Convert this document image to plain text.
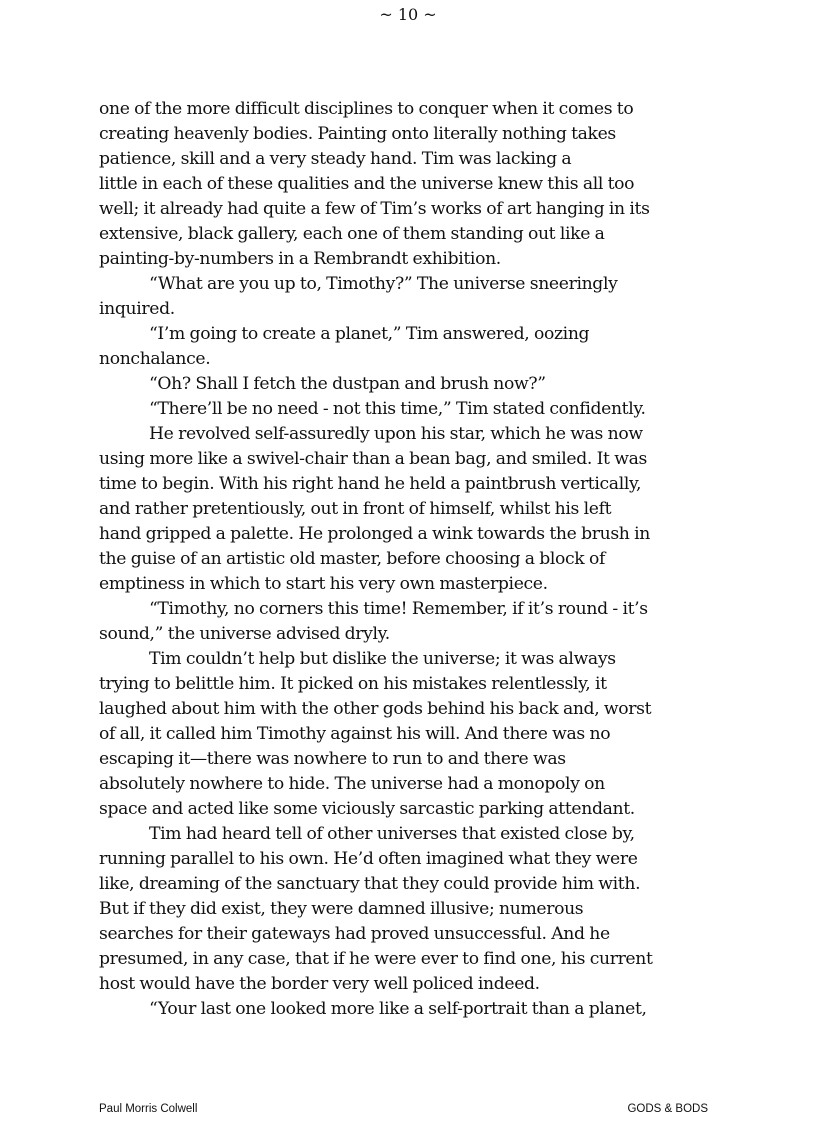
~ 10 ~
one of the more difficult disciplines to conquer when it comes to
creating heavenly bodies. Painting onto literally nothing takes
patience, skill and a very steady hand. Tim was lacking a
little in each of these qualities and the universe knew this all too
well; it already had quite a few of Tim’s works of art hanging in its
extensive, black gallery, each one of them standing out like a
painting-by-numbers in a Rembrandt exhibition.
“What are you up to, Timothy?” The universe sneeringly
inquired.
“I’m going to create a planet,” Tim answered, oozing
nonchalance.
“Oh? Shall I fetch the dustpan and brush now?”
“There’ll be no need - not this time,” Tim stated confidently.
He revolved self-assuredly upon his star, which he was now
using more like a swivel-chair than a bean bag, and smiled. It was
time to begin. With his right hand he held a paintbrush vertically,
and rather pretentiously, out in front of himself, whilst his left
hand gripped a palette. He prolonged a wink towards the brush in
the guise of an artistic old master, before choosing a block of
emptiness in which to start his very own masterpiece.
“Timothy, no corners this time! Remember, if it’s round - it’s
sound,” the universe advised dryly.
Tim couldn’t help but dislike the universe; it was always
trying to belittle him. It picked on his mistakes relentlessly, it
laughed about him with the other gods behind his back and, worst
of all, it called him Timothy against his will. And there was no
escaping it—there was nowhere to run to and there was
absolutely nowhere to hide. The universe had a monopoly on
space and acted like some viciously sarcastic parking attendant.
Tim had heard tell of other universes that existed close by,
running parallel to his own. He’d often imagined what they were
like, dreaming of the sanctuary that they could provide him with.
But if they did exist, they were damned illusive; numerous
searches for their gateways had proved unsuccessful. And he
presumed, in any case, that if he were ever to find one, his current
host would have the border very well policed indeed.
“Your last one looked more like a self-portrait than a planet,
Paul Morris Colwell	GODS & BODS
